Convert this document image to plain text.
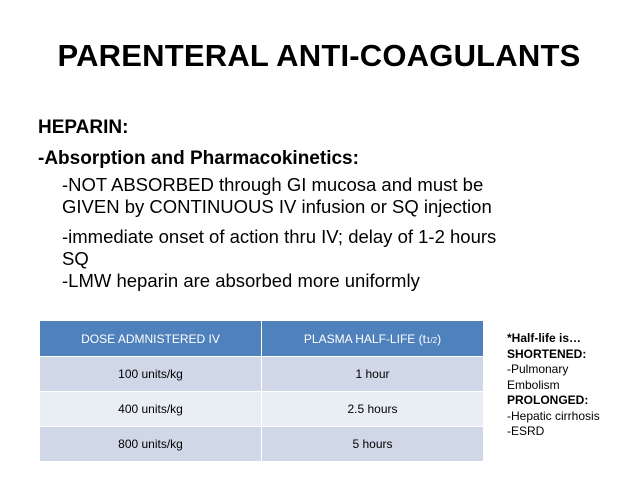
PARENTERAL ANTI-COAGULANTS
HEPARIN:
-Absorption and Pharmacokinetics:
-NOT ABSORBED through GI mucosa and must be
GIVEN by CONTINUOUS IV infusion or SQ injection
-immediate onset of action thru IV; delay of 1-2 hours
SQ
-LMW heparin are absorbed more uniformly
DOSE ADMNISTERED IV	PLASMA HALF-LIFE (t1/2)
100 units/kg	1 hour
400 units/kg	2.5 hours
800 units/kg	5 hours
*Half-life is…
SHORTENED:
-Pulmonary
Embolism
PROLONGED:
-Hepatic cirrhosis
-ESRD
